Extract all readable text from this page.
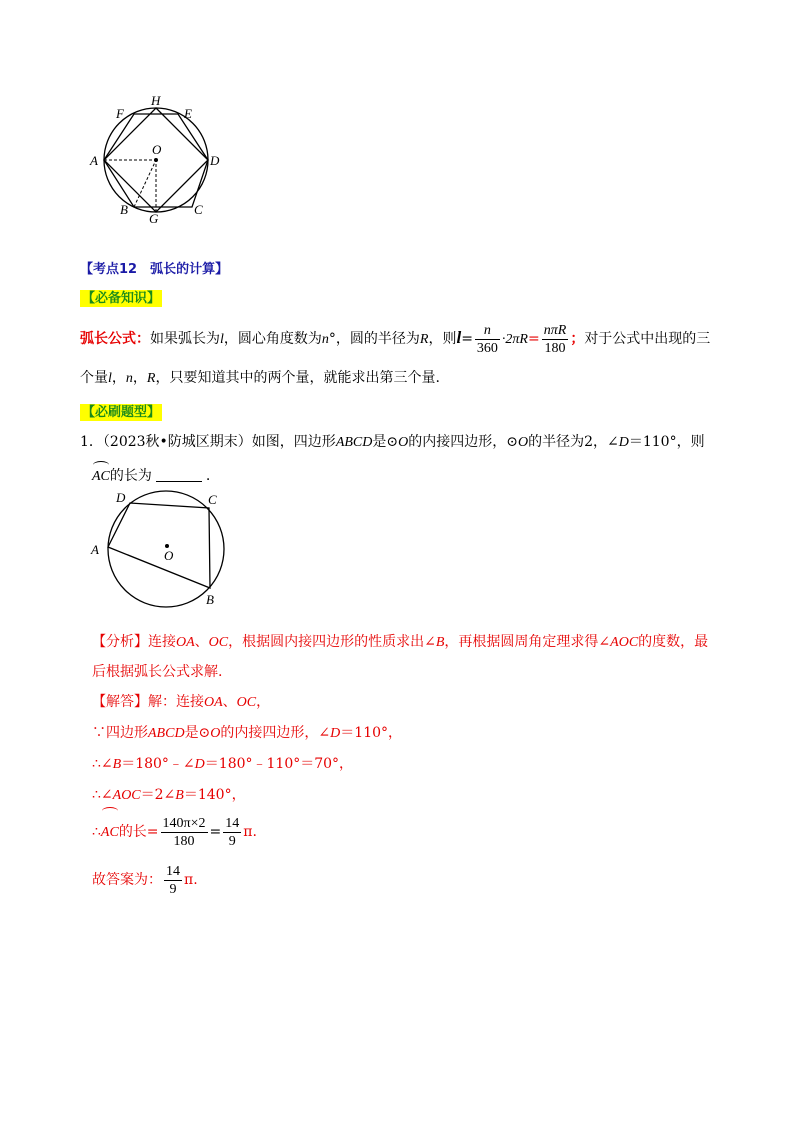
F
H
E
A
O
D
B
G
C
【考点12　弧长的计算】
【必备知识】
弧长公式：如果弧长为l，圆心角度数为n°，圆的半径为R，则$l= \frac{n}{360} \cdot 2\pi R= \frac{\text{nπR}}{180}$ ；对于公式中出现的三
个量l，n，R，只要知道其中的两个量，就能求出第三个量.
【必刷题型】
1．（2023秋•防城区期末）如图，四边形ABCD是⊙O的内接四边形，⊙O的半径为2，∠D＝110°，则
AC的长为	.
D	C
A	O
B
【分析】连接OA、OC，根据圆内接四边形的性质求出∠B，再根据圆周角定理求得∠AOC的度数，最
后根据弧长公式求解.
【解答】解：连接OA、OC，
∵四边形ABCD是⊙O的内接四边形，∠D＝110°，
∴∠B＝180°﹣∠D＝180°﹣110°＝70°，
∴∠AOC＝2∠B＝140°，
∴AC的长= $\frac{140\pi\times 2}{180} = \frac{14}{9} \pi$.
故答案为： $\frac{14}{9} \pi$.
